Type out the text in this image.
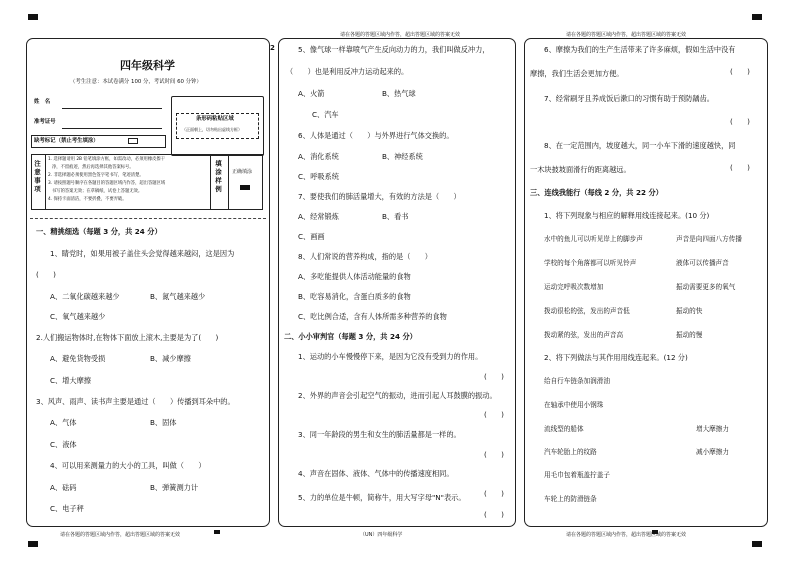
请在各题的答题区域内作答，超出答题区域的答案无效	请在各题的答题区域内作答，超出答题区域的答案无效
请在各题的答题区域内作答，超出答题区域的答案无效	（UN）四年级科学	请在各题的答题区域内作答，超出答题区域的答案无效
2
四年级科学
（考生注意：本试卷满分 100 分，考试时间 60 分钟）
姓　名
准考证号
缺考标记（禁止考生填涂）
条形码粘贴区域
（正面朝上，切勿贴出虚线方框）
注意事项
1. 选择题请用 2B 铅笔填涂方框，如需改动，必须用橡皮擦干
净，不留痕迹，然后再选择其他答案标号。
2. 非选择题必须使用黑色签字笔书写，笔迹清楚。
3. 请按照题号顺序在各题目的答题区域内作答，超出答题区域
书写的答案无效；在草稿纸、试卷上答题无效。
4. 保持卡面清洁，不要折叠，不要弄破。
填涂样例 正确填涂
一、精挑细选（每题 3 分，共 24 分）
1、睛党时，如果用被子盖住头会觉得越来越闷，这是因为
(　　)
A、二氧化碳越来越少	B、氮气越来越少
C、氧气越来越少
2.人们搬运物体时,在物体下面放上滚木,主要是为了(　　)
A、避免货物受损	B、减少摩擦
C、增大摩擦
3、风声、雨声、读书声主要是通过（　　）传播到耳朵中的。
A、气体	B、固体
C、液体
4、可以用来测量力的大小的工具，叫做（　　）
A、砝码	B、弹簧测力计
C、电子秤
5、像气球一样靠喷气产生反向动力的力，我们叫做反冲力，
（　　）也是利用反冲力运动起来的。
A、火箭	B、热气球
C、汽车
6、人体是通过（　　）与外界进行气体交换的。
A、消化系统	B、神经系统
C、呼吸系统
7、要使我们的肺活量增大，有效的方法是（　　）
A、经常锻炼	B、看书
C、画画
8、人们常说的营养构成，指的是（　　）
A、多吃能提供人体活动能量的食物
B、吃容易消化，含蛋白质多的食物
C、吃比例合适，含有人体所需多种营养的食物
二、小小审判官（每题 3 分，共 24 分）
1、运动的小车慢慢停下来，是因为它没有受到力的作用。
(　　)
2、外界的声音会引起空气的振动，进而引起人耳鼓膜的振动。
(　　)
3、同一年龄段的男生和女生的肺活量都是一样的。
(　　)
4、声音在固体、液体、气体中的传播速度相同。
(　　)
5、力的单位是牛顿，简称牛，用大写字母"N"表示。
(　　)
6、摩擦为我们的生产生活带来了许多麻烦，假如生活中没有
摩擦，我们生活会更加方便。	(　　)
7、经常刷牙且养成饭后漱口的习惯有助于预防龋齿。
(　　)
8、在一定范围内，坡度越大，同一小车下滑的速度越快，同
一木块披坡面滑行的距离越远。	(　　)
三、连线我能行（每线 2 分，共 22 分）
1、将下列现象与相应的解释用线连接起来。(10 分)
水中的鱼儿可以听见岸上的脚步声	声音是向四面八方传播
学校的每个角落都可以听见铃声	液体可以传播声音
运动完呼吸次数增加	振动需要更多的氧气
拨动很松的弦，发出的声音低	振动的快
拨动紧的弦，发出的声音高	振动的慢
2、将下列做法与其作用用线连起来。(12 分)
给自行车链条加润滑油
在轴承中使用小钢珠
流线型的船体	增大摩擦力
汽车轮胎上的纹路	减小摩擦力
用毛巾包着瓶盖拧盖子
车轮上的防滑链条
